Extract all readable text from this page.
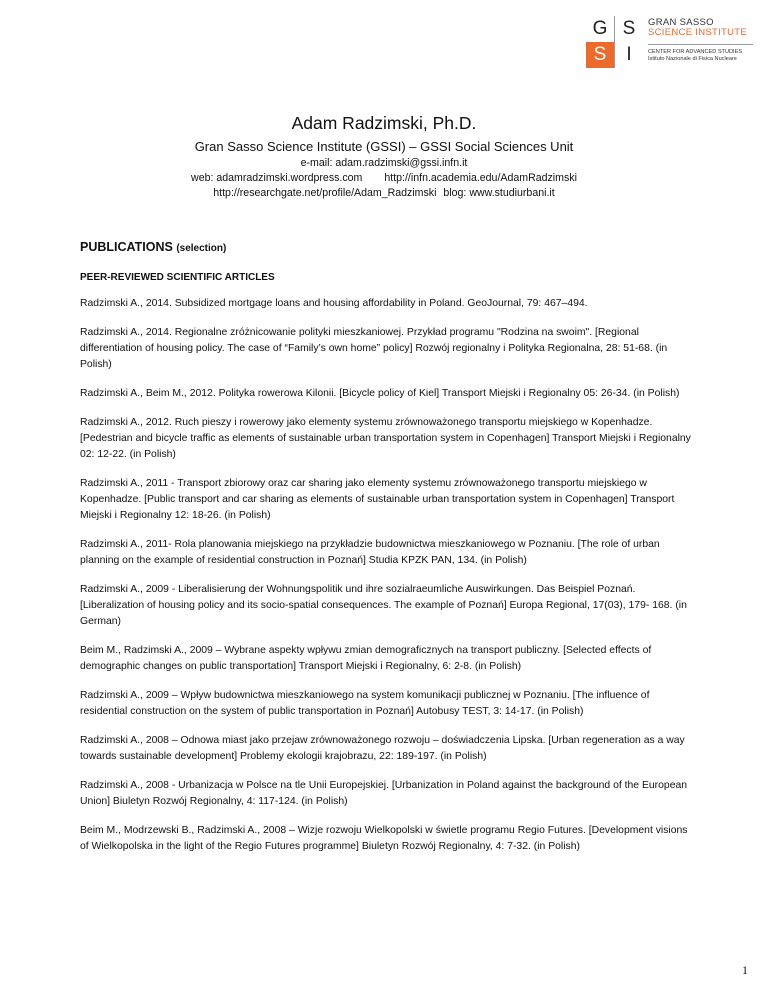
G S
S	I
GRAN SASSO
SCIENCE INSTITUTE
CENTER FOR ADVANCED STUDIES
Istituto Nazionale di Fisica Nucleare
Adam Radzimski, Ph.D.
Gran Sasso Science Institute (GSSI) – GSSI Social Sciences Unit
e-mail: adam.radzimski@gssi.infn.it
web: adamradzimski.wordpress.com http://infn.academia.edu/AdamRadzimski
http://researchgate.net/profile/Adam_Radzimski blog: www.studiurbani.it
PUBLICATIONS (selection)
PEER-REVIEWED SCIENTIFIC ARTICLES
Radzimski A., 2014. Subsidized mortgage loans and housing affordability in Poland. GeoJournal, 79: 467–494.
Radzimski A., 2014. Regionalne zróżnicowanie polityki mieszkaniowej. Przykład programu "Rodzina na swoim". [Regional differentiation of housing policy. The case of “Family’s own home” policy] Rozwój regionalny i Polityka Regionalna, 28: 51-68. (in Polish)
Radzimski A., Beim M., 2012. Polityka rowerowa Kilonii. [Bicycle policy of Kiel] Transport Miejski i Regionalny 05: 26-34. (in Polish)
Radzimski A., 2012. Ruch pieszy i rowerowy jako elementy systemu zrównoważonego transportu miejskiego w Kopenhadze. [Pedestrian and bicycle traffic as elements of sustainable urban transportation system in Copenhagen] Transport Miejski i Regionalny 02: 12-22. (in Polish)
Radzimski A., 2011 - Transport zbiorowy oraz car sharing jako elementy systemu zrównoważonego transportu miejskiego w Kopenhadze. [Public transport and car sharing as elements of sustainable urban transportation system in Copenhagen] Transport Miejski i Regionalny 12: 18-26. (in Polish)
Radzimski A., 2011- Rola planowania miejskiego na przykładzie budownictwa mieszkaniowego w Poznaniu. [The role of urban planning on the example of residential construction in Poznań] Studia KPZK PAN, 134. (in Polish)
Radzimski A., 2009 - Liberalisierung der Wohnungspolitik und ihre sozialraeumliche Auswirkungen. Das Beispiel Poznań. [Liberalization of housing policy and its socio-spatial consequences. The example of Poznań] Europa Regional, 17(03), 179- 168. (in German)
Beim M., Radzimski A., 2009 – Wybrane aspekty wpływu zmian demograficznych na transport publiczny. [Selected effects of demographic changes on public transportation] Transport Miejski i Regionalny, 6: 2-8. (in Polish)
Radzimski A., 2009 – Wpływ budownictwa mieszkaniowego na system komunikacji publicznej w Poznaniu. [The influence of residential construction on the system of public transportation in Poznań] Autobusy TEST, 3: 14-17. (in Polish)
Radzimski A., 2008 – Odnowa miast jako przejaw zrównoważonego rozwoju – doświadczenia Lipska. [Urban regeneration as a way towards sustainable development] Problemy ekologii krajobrazu, 22: 189-197. (in Polish)
Radzimski A., 2008 - Urbanizacja w Polsce na tle Unii Europejskiej. [Urbanization in Poland against the background of the European Union] Biuletyn Rozwój Regionalny, 4: 117-124. (in Polish)
Beim M., Modrzewski B., Radzimski A., 2008 – Wizje rozwoju Wielkopolski w świetle programu Regio Futures. [Development visions of Wielkopolska in the light of the Regio Futures programme] Biuletyn Rozwój Regionalny, 4: 7-32. (in Polish)
1
